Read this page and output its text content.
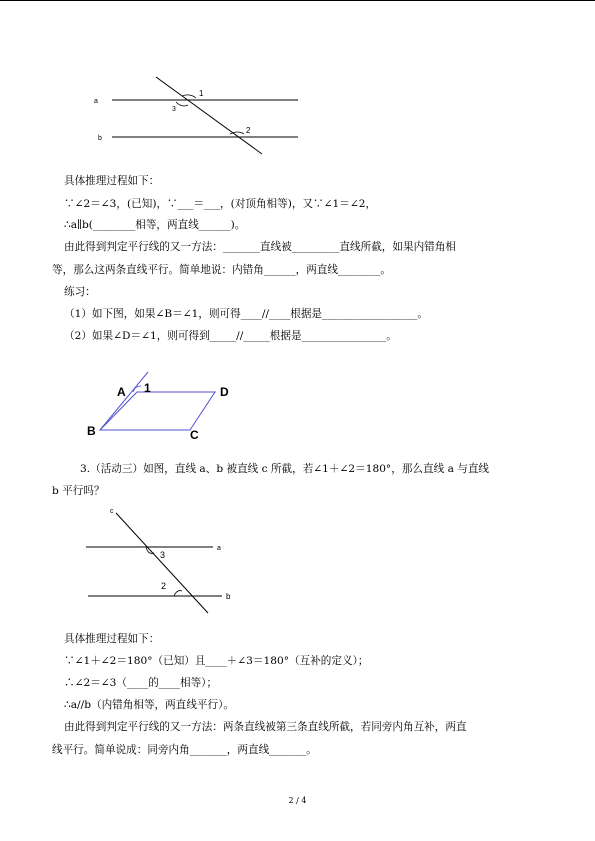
a
b
1
3
2
具体推理过程如下：
∵∠2＝∠3，(已知)，∵___＝___，(对顶角相等)，又∵∠1＝∠2，
∴a∥b(________相等，两直线______)。
由此得到判定平行线的又一方法：_______直线被_________直线所截，如果内错角相
等，那么这两条直线平行。简单地说：内错角______，两直线________。
练习：
（1）如下图，如果∠B＝∠1，则可得____//____根据是__________________。
（2）如果∠D＝∠1，则可得到_____//_____根据是________________。
A 1	D
B	C
3.（活动三）如图，直线 a、b 被直线 c 所截，若∠1＋∠2＝180°，那么直线 a 与直线
b 平行吗？
c
a
b
3
2
具体推理过程如下：
∵∠1＋∠2＝180°（已知）且____＋∠3＝180°（互补的定义）；
∴∠2＝∠3（____的____相等）；
∴a//b（内错角相等，两直线平行）。
由此得到判定平行线的又一方法：两条直线被第三条直线所截，若同旁内角互补，两直
线平行。简单说成：同旁内角_______，两直线_______。
2 / 4
